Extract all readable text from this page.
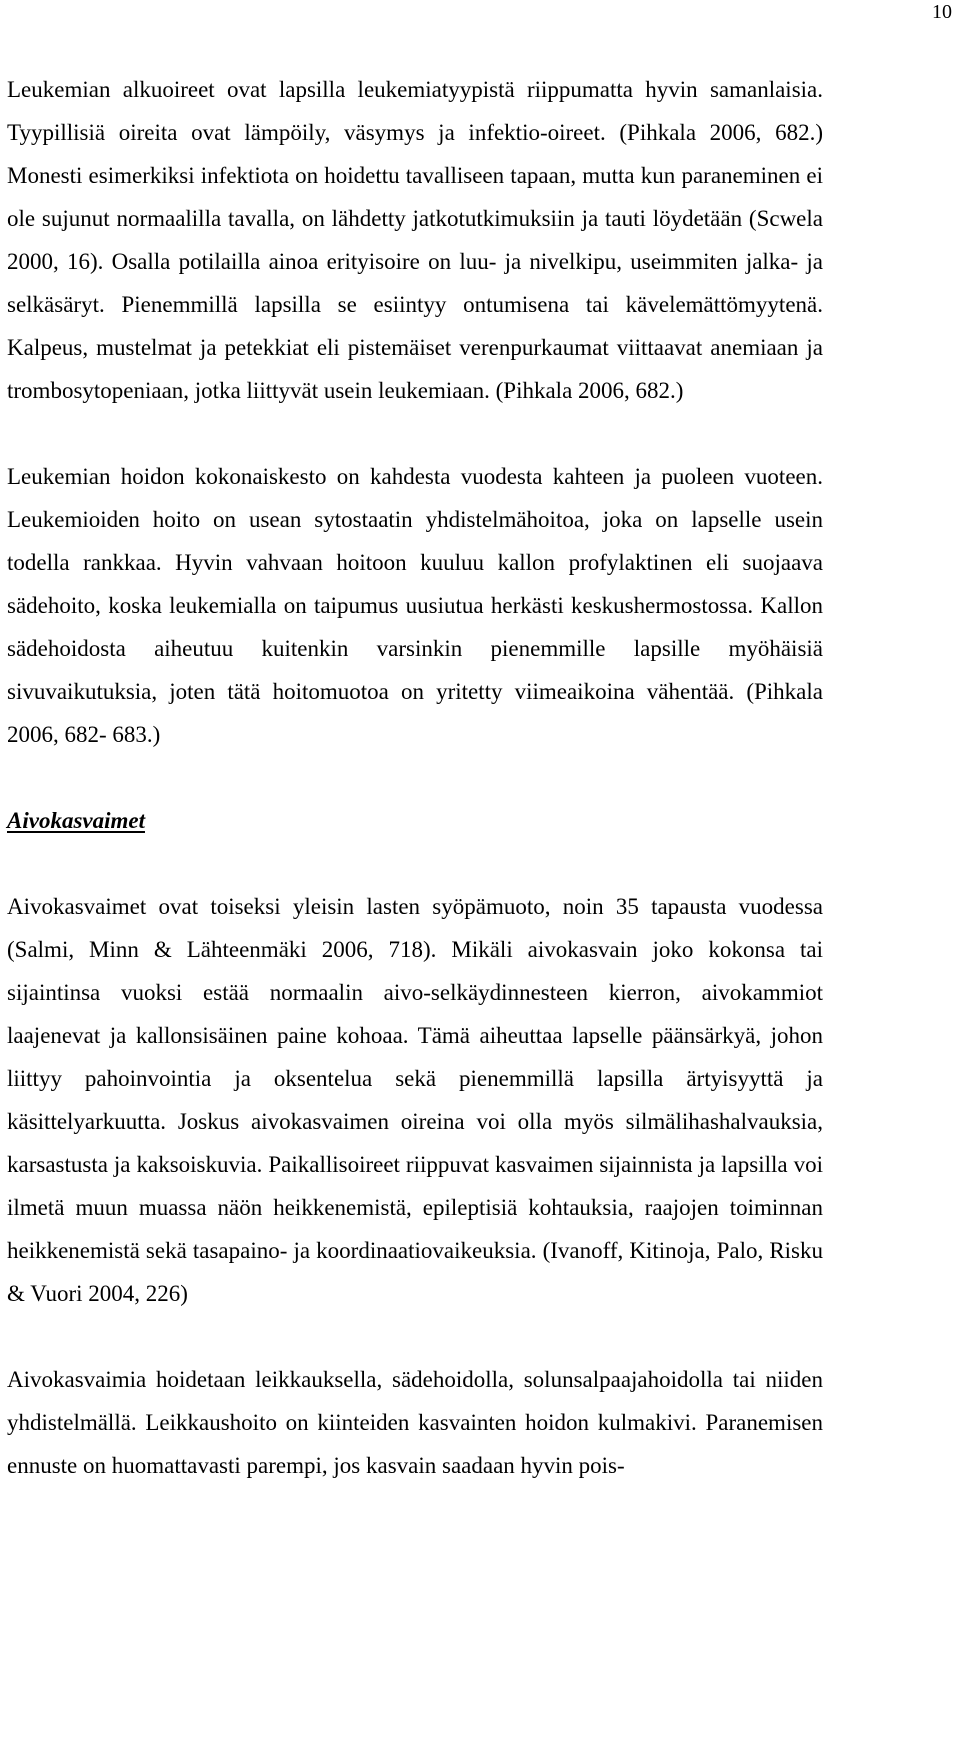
10

Leukemian alkuoireet ovat lapsilla leukemiatyypistä riippumatta hyvin samanlaisia. Tyypillisiä oireita ovat lämpöily, väsymys ja infektio-oireet. (Pihkala 2006, 682.) Monesti esimerkiksi infektiota on hoidettu tavalliseen tapaan, mutta kun paraneminen ei ole sujunut normaalilla tavalla, on lähdetty jatkotutkimuksiin ja tauti löydetään (Scwela 2000, 16). Osalla potilailla ainoa erityisoire on luu- ja nivelkipu, useimmiten jalka- ja selkäsäryt. Pienemmillä lapsilla se esiintyy ontumisena tai kävelemättömyytenä. Kalpeus, mustelmat ja petekkiat eli pistemäiset verenpurkaumat viittaavat anemiaan ja trombosytopeniaan, jotka liittyvät usein leukemiaan. (Pihkala 2006, 682.)

Leukemian hoidon kokonaiskesto on kahdesta vuodesta kahteen ja puoleen vuoteen. Leukemioiden hoito on usean sytostaatin yhdistelmähoitoa, joka on lapselle usein todella rankkaa. Hyvin vahvaan hoitoon kuuluu kallon profylaktinen eli suojaava sädehoito, koska leukemialla on taipumus uusiutua herkästi keskushermostossa. Kallon sädehoidosta aiheutuu kuitenkin varsinkin pienemmille lapsille myöhäisiä sivuvaikutuksia, joten tätä hoitomuotoa on yritetty viimeaikoina vähentää. (Pihkala 2006, 682- 683.)

Aivokasvaimet

Aivokasvaimet ovat toiseksi yleisin lasten syöpämuoto, noin 35 tapausta vuodessa (Salmi, Minn & Lähteenmäki 2006, 718). Mikäli aivokasvain joko kokonsa tai sijaintinsa vuoksi estää normaalin aivo-selkäydinnesteen kierron, aivokammiot laajenevat ja kallonsisäinen paine kohoaa. Tämä aiheuttaa lapselle päänsärkyä, johon liittyy pahoinvointia ja oksentelua sekä pienemmillä lapsilla ärtyisyyttä ja käsittelyarkuutta. Joskus aivokasvaimen oireina voi olla myös silmälihashalvauksia, karsastusta ja kaksoiskuvia. Paikallisoireet riippuvat kasvaimen sijainnista ja lapsilla voi ilmetä muun muassa näön heikkenemistä, epileptisiä kohtauksia, raajojen toiminnan heikkenemistä sekä tasapaino- ja koordinaatiovaikeuksia. (Ivanoff, Kitinoja, Palo, Risku & Vuori 2004, 226)

Aivokasvaimia hoidetaan leikkauksella, sädehoidolla, solunsalpaajahoidolla tai niiden yhdistelmällä. Leikkaushoito on kiinteiden kasvainten hoidon kulmakivi. Paranemisen ennuste on huomattavasti parempi, jos kasvain saadaan hyvin pois-
